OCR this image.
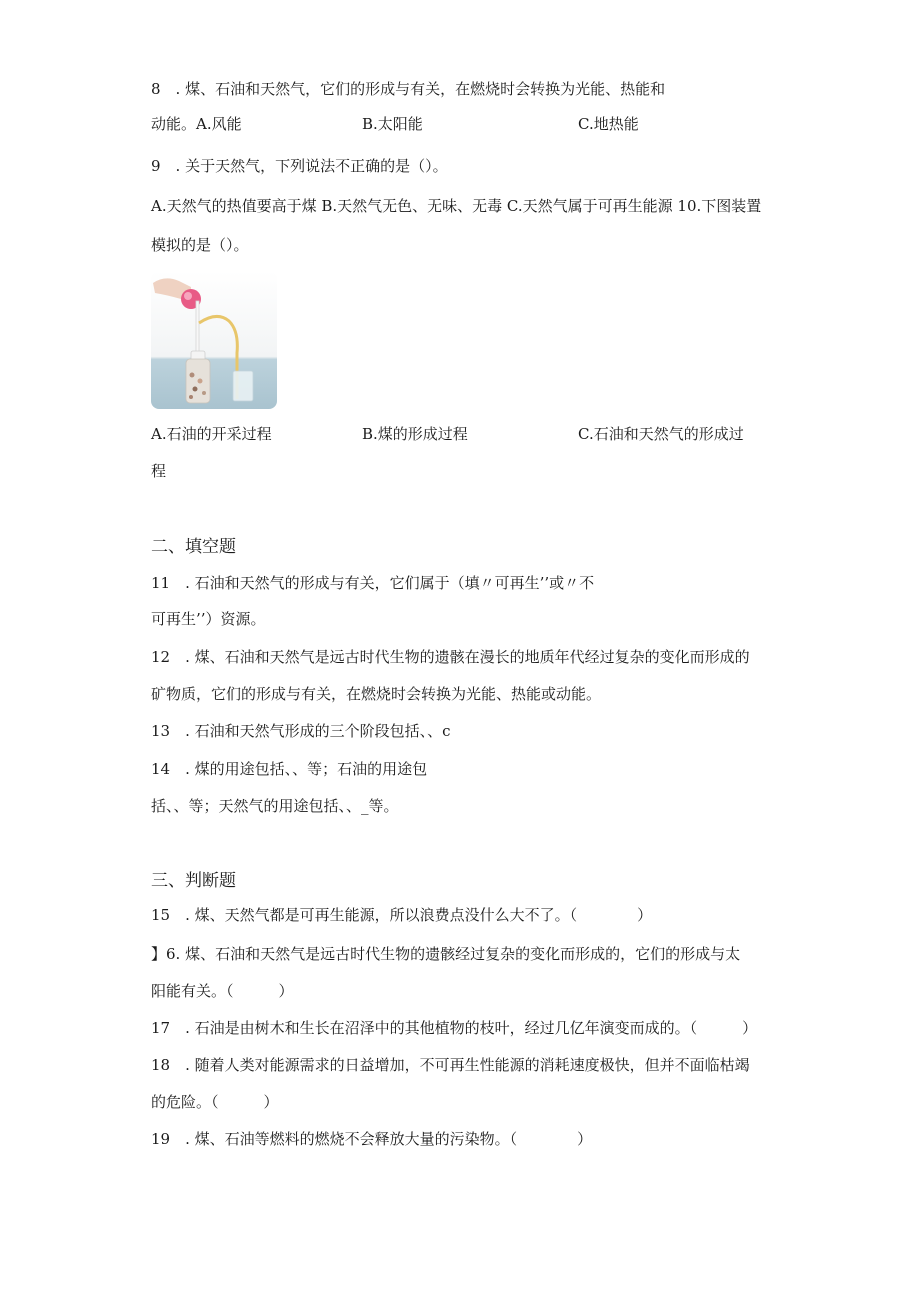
8　. 煤、石油和天然气，它们的形成与有关，在燃烧时会转换为光能、热能和
动能。 A.风能	B.太阳能	C.地热能
9　. 关于天然气，下列说法不正确的是（）。
A.天然气的热值要高于煤 B.天然气无色、无味、无毒 C.天然气属于可再生能源 10.下图装置
模拟的是（）。
A.石油的开采过程	B.煤的形成过程	C.石油和天然气的形成过
程
二、填空题
11　. 石油和天然气的形成与有关，它们属于（填〃可再生’’或〃不
可再生’’）资源。
12　. 煤、石油和天然气是远古时代生物的遗骸在漫长的地质年代经过复杂的变化而形成的
矿物质，它们的形成与有关，在燃烧时会转换为光能、热能或动能。
13　. 石油和天然气形成的三个阶段包括、、c
14　. 煤的用途包括、、等；石油的用途包
括、、等；天然气的用途包括、、_等。
三、判断题
15　. 煤、天然气都是可再生能源，所以浪费点没什么大不了。（　　　　）
】6. 煤、石油和天然气是远古时代生物的遗骸经过复杂的变化而形成的，它们的形成与太
阳能有关。（　　　）
17　. 石油是由树木和生长在沼泽中的其他植物的枝叶，经过几亿年演变而成的。（　　　）
18　. 随着人类对能源需求的日益增加，不可再生性能源的消耗速度极快，但并不面临枯竭
的危险。（　　　）
19　. 煤、石油等燃料的燃烧不会释放大量的污染物。（　　　　）
